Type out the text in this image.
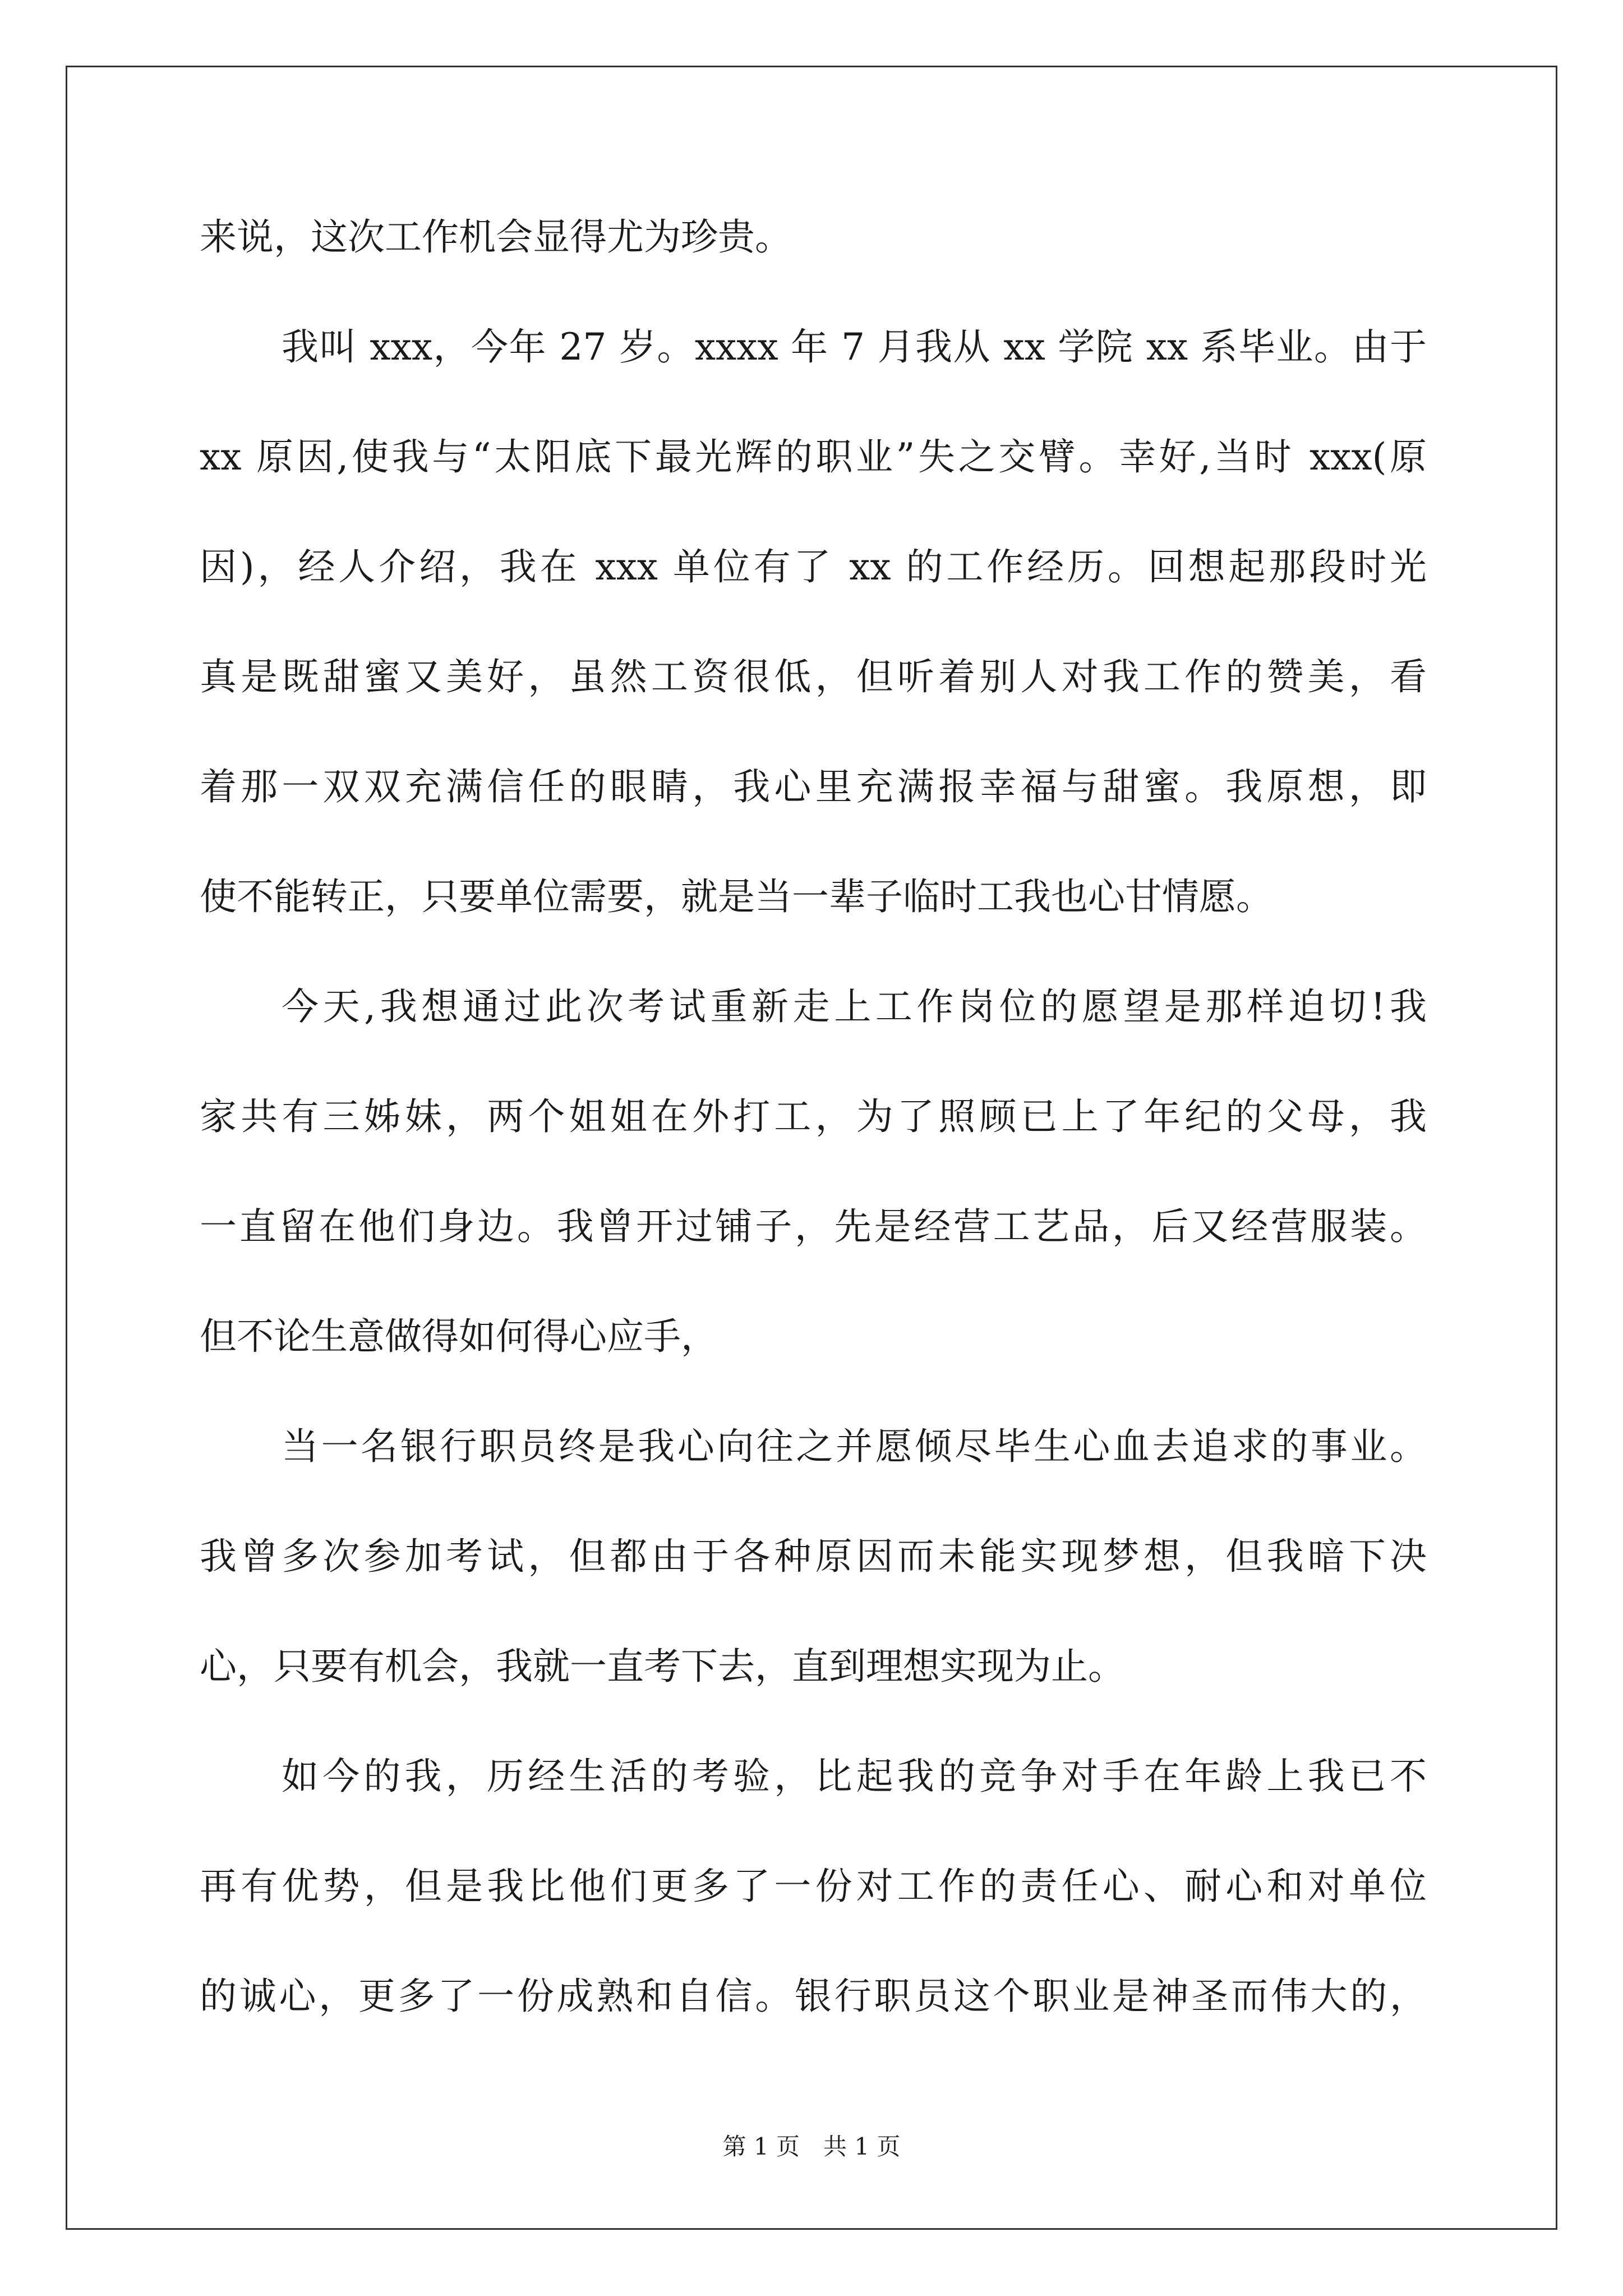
来说，这次工作机会显得尤为珍贵。
我叫 xxx，今年 27 岁。xxxx 年 7 月我从 xx 学院 xx 系毕业。由于
xx 原因,使我与“太阳底下最光辉的职业”失之交臂。幸好,当时 xxx(原
因)，经人介绍，我在 xxx 单位有了 xx 的工作经历。回想起那段时光
真是既甜蜜又美好，虽然工资很低，但听着别人对我工作的赞美，看
着那一双双充满信任的眼睛，我心里充满报幸福与甜蜜。我原想，即
使不能转正，只要单位需要，就是当一辈子临时工我也心甘情愿。
今天,我想通过此次考试重新走上工作岗位的愿望是那样迫切!我
家共有三姊妹，两个姐姐在外打工，为了照顾已上了年纪的父母，我
一直留在他们身边。我曾开过铺子，先是经营工艺品，后又经营服装。
但不论生意做得如何得心应手，
当一名银行职员终是我心向往之并愿倾尽毕生心血去追求的事业。
我曾多次参加考试，但都由于各种原因而未能实现梦想，但我暗下决
心，只要有机会，我就一直考下去，直到理想实现为止。
如今的我，历经生活的考验，比起我的竞争对手在年龄上我已不
再有优势，但是我比他们更多了一份对工作的责任心、耐心和对单位
的诚心，更多了一份成熟和自信。银行职员这个职业是神圣而伟大的，
第 1 页　共 1 页
